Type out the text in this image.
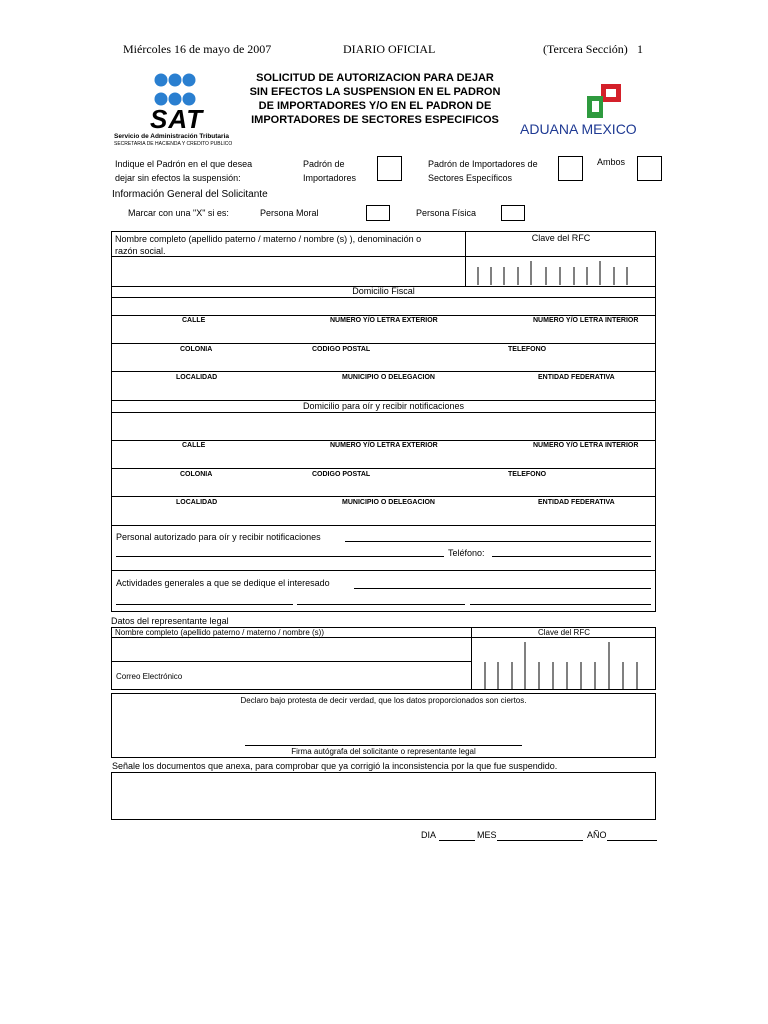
Miércoles 16 de mayo de 2007	DIARIO OFICIAL	(Tercera Sección) 1
SAT
Servicio de Administración Tributaria
SECRETARIA DE HACIENDA Y CREDITO PUBLICO
SOLICITUD DE AUTORIZACION PARA DEJAR
SIN EFECTOS LA SUSPENSION EN EL PADRON
DE IMPORTADORES Y/O EN EL PADRON DE
IMPORTADORES DE SECTORES ESPECIFICOS
ADUANA MEXICO
Indique el Padrón en el que desea
dejar sin efectos la suspensión:
Padrón de
Importadores
Padrón de Importadores de
Sectores Específicos
Ambos
Información General del Solicitante
Marcar con una "X" si es:	Persona Moral	Persona Física
Nombre completo (apellido paterno / materno / nombre (s) ), denominación o
razón social.
Clave del RFC
Domicilio Fiscal
CALLE	NUMERO Y/O LETRA EXTERIOR	NUMERO Y/O LETRA INTERIOR
COLONIA	CODIGO POSTAL	TELEFONO
LOCALIDAD	MUNICIPIO O DELEGACION	ENTIDAD FEDERATIVA
Domicilio para oír y recibir notificaciones
CALLE	NUMERO Y/O LETRA EXTERIOR	NUMERO Y/O LETRA INTERIOR
COLONIA	CODIGO POSTAL	TELEFONO
LOCALIDAD	MUNICIPIO O DELEGACION	ENTIDAD FEDERATIVA
Personal autorizado para oír y recibir notificaciones
Teléfono:
Actividades generales a que se dedique el interesado
Datos del representante legal
Nombre completo (apellido paterno / materno / nombre (s))	Clave del RFC
Correo Electrónico
Declaro bajo protesta de decir verdad, que los datos proporcionados son ciertos.
Firma autógrafa del solicitante o representante legal
Señale los documentos que anexa, para comprobar que ya corrigió la inconsistencia por la que fue suspendido.
DIA	MES	AÑO
